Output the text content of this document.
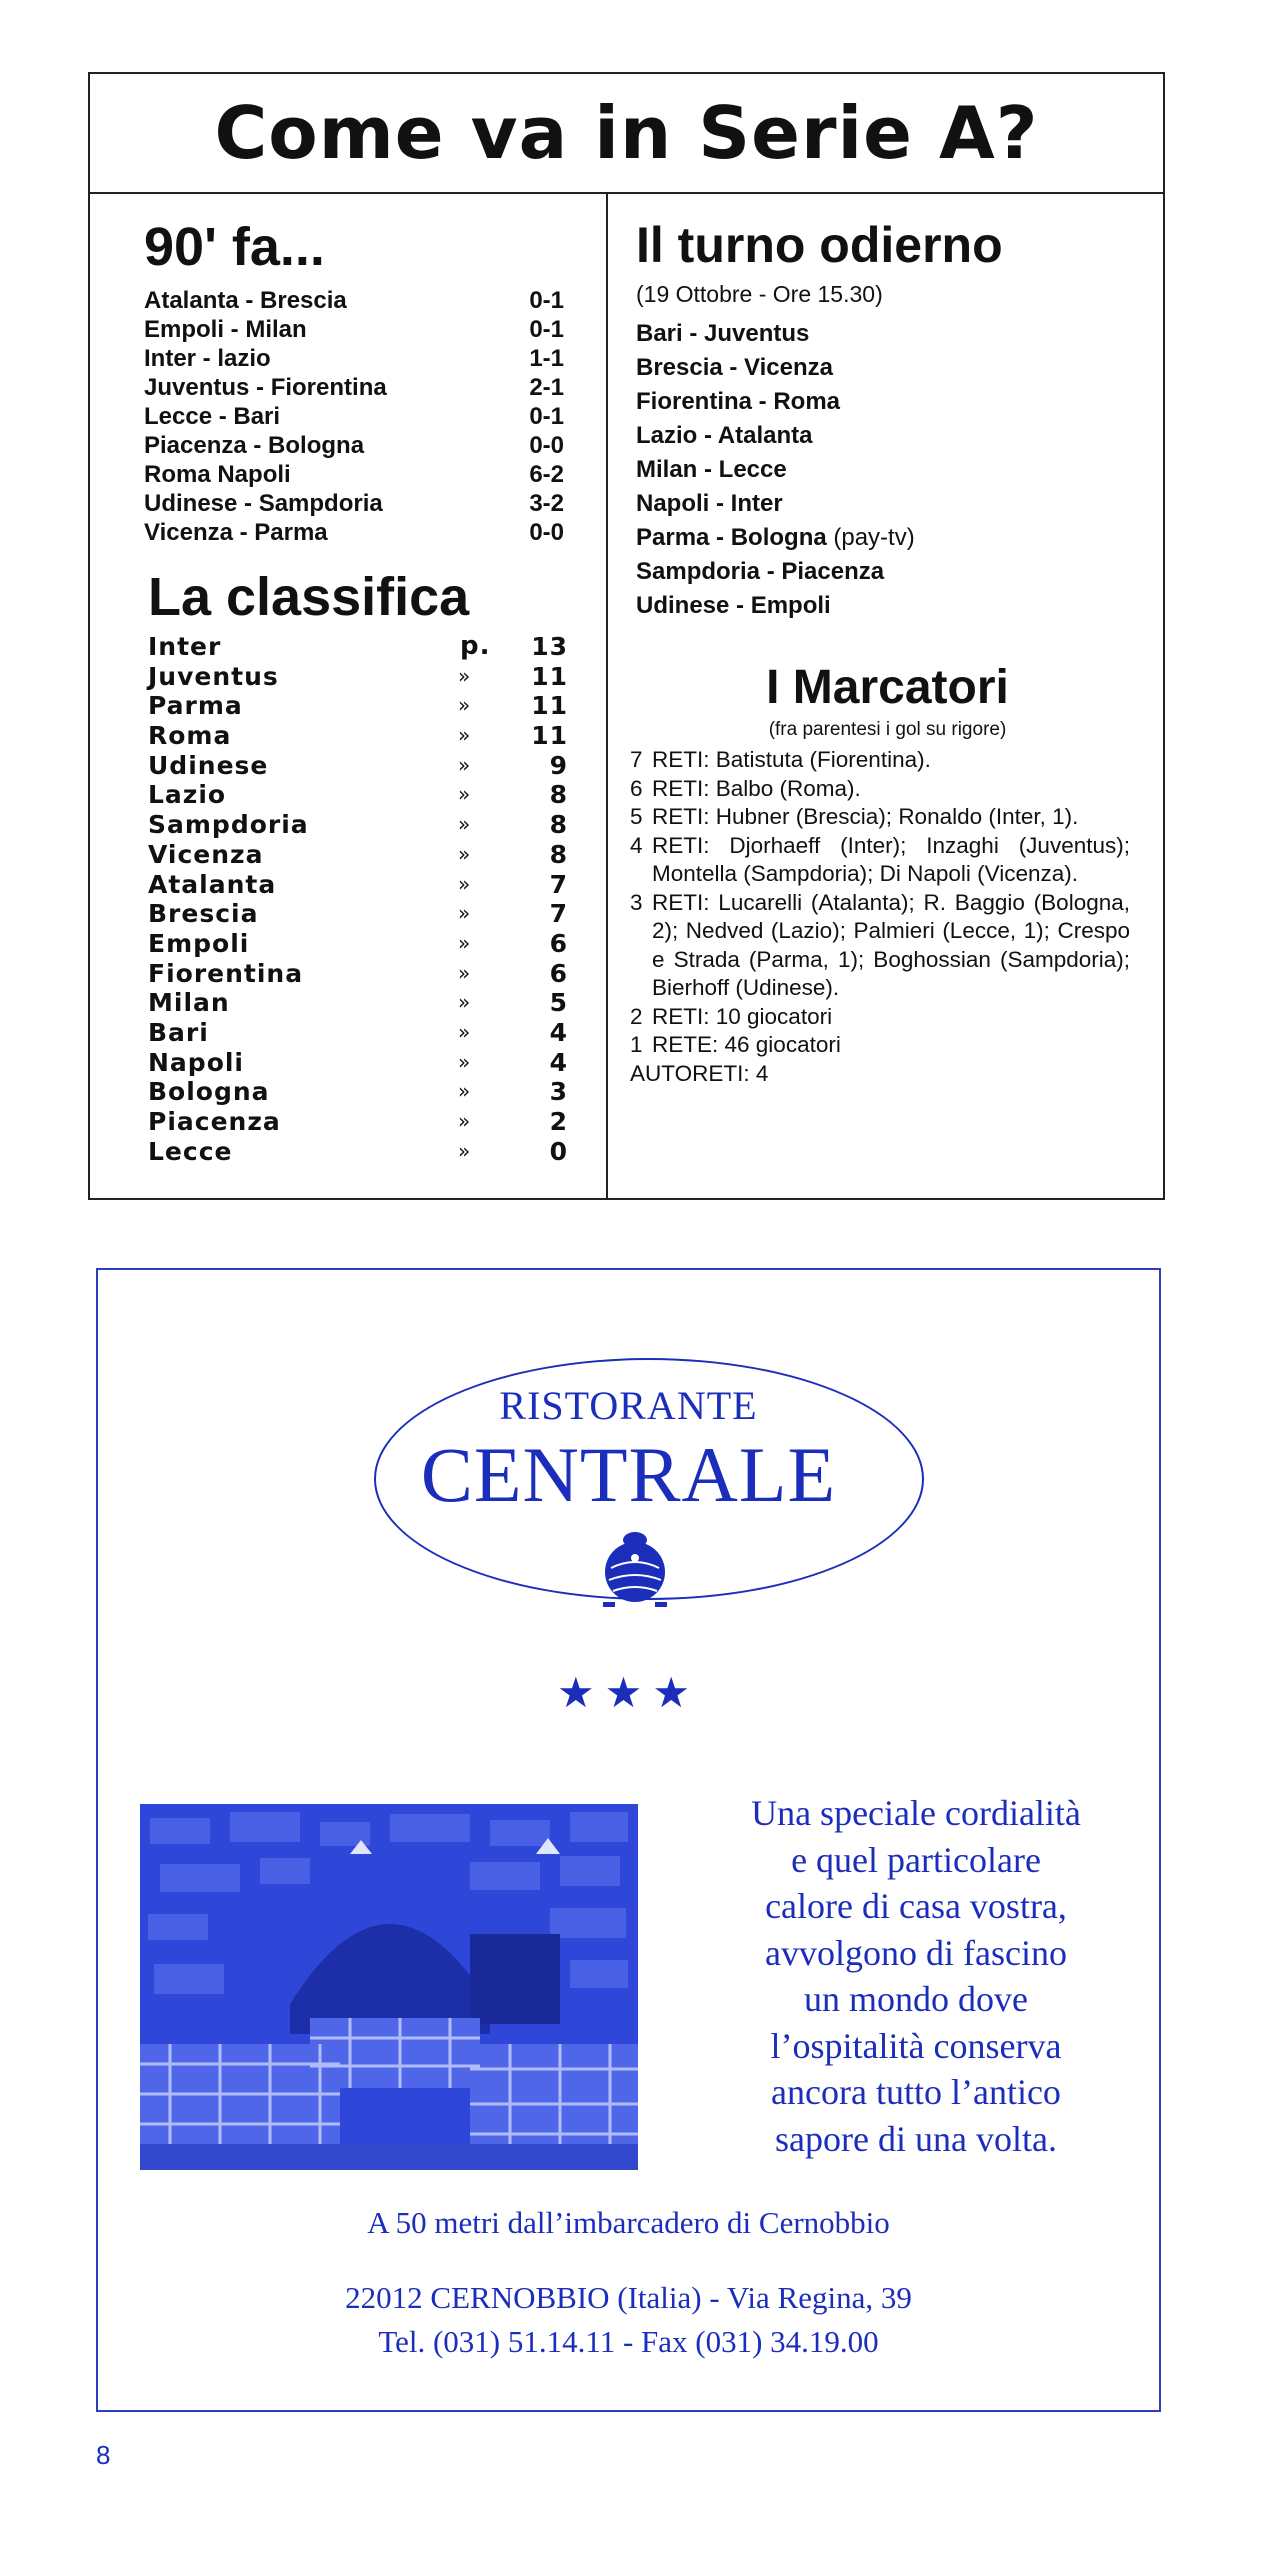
Come va in Serie A?
90' fa...
Atalanta - Brescia	0-1
Empoli - Milan	0-1
Inter - lazio	1-1
Juventus - Fiorentina	2-1
Lecce - Bari	0-1
Piacenza - Bologna	0-0
Roma Napoli	6-2
Udinese - Sampdoria	3-2
Vicenza - Parma	0-0
La classifica
Inter	p. 13
Juventus	» 11
Parma	» 11
Roma	» 11
Udinese	»	9
Lazio	»	8
Sampdoria	»	8
Vicenza	»	8
Atalanta	»	7
Brescia	»	7
Empoli	»	6
Fiorentina	»	6
Milan	»	5
Bari	»	4
Napoli	»	4
Bologna	»	3
Piacenza	»	2
Lecce	»	0
Il turno odierno
(19 Ottobre - Ore 15.30)
Bari - Juventus
Brescia - Vicenza
Fiorentina - Roma
Lazio - Atalanta
Milan - Lecce
Napoli - Inter
Parma - Bologna (pay-tv)
Sampdoria - Piacenza
Udinese - Empoli
I Marcatori
(fra parentesi i gol su rigore)
7 RETI: Batistuta (Fiorentina).
6 RETI: Balbo (Roma).
5 RETI: Hubner (Brescia); Ronaldo (Inter, 1).
4 RETI: Djorhaeff (Inter); Inzaghi (Juventus); Montella (Sampdoria); Di Napoli (Vicenza).
3 RETI: Lucarelli (Atalanta); R. Baggio (Bologna, 2); Nedved (Lazio); Palmieri (Lecce, 1); Crespo e Strada (Parma, 1); Boghossian (Sampdoria); Bierhoff (Udinese).
2 RETI: 10 giocatori
1 RETE: 46 giocatori
AUTORETI: 4
RISTORANTE
CENTRALE
★★★
Una speciale cordialità
e quel particolare
calore di casa vostra,
avvolgono di fascino
un mondo dove
l’ospitalità conserva
ancora tutto l’antico
sapore di una volta.
A 50 metri dall’imbarcadero di Cernobbio
22012 CERNOBBIO (Italia) - Via Regina, 39
Tel. (031) 51.14.11 - Fax (031) 34.19.00
8
